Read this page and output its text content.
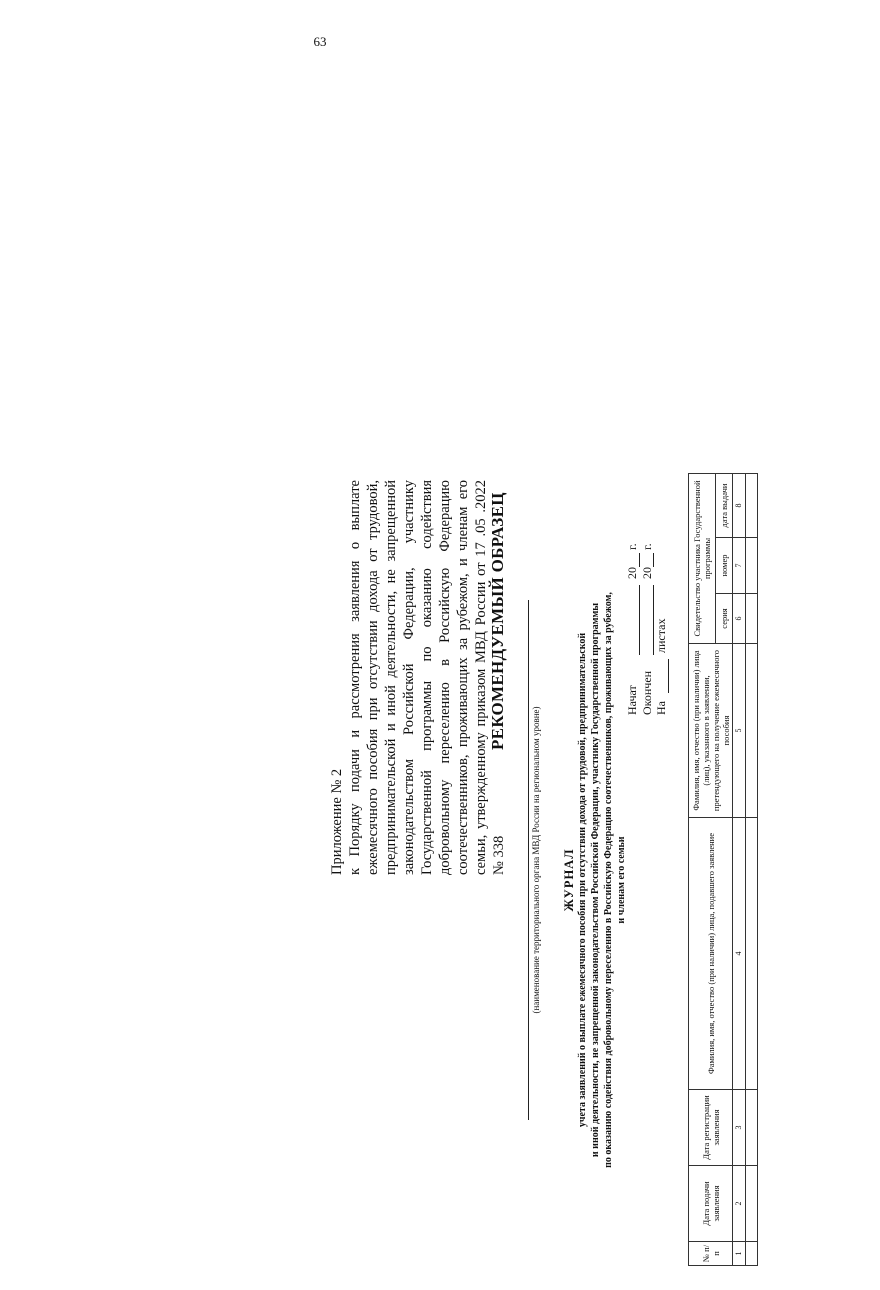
63
Приложение № 2 к Порядку подачи и рассмотрения заявления о выплате ежемесячного пособия при отсутствии дохода от трудовой, предпринимательской и иной деятельности, не запрещенной законодательством Российской Федерации, участнику Государственной программы по оказанию содействия добровольному переселению в Российскую Федерацию соотечественников, проживающих за рубежом, и членам его семьи, утвержденному приказом МВД России от 17 .05 .2022 № 338
РЕКОМЕНДУЕМЫЙ ОБРАЗЕЦ
(наименование территориального органа МВД России на региональном уровне) ЖУРНАЛ учета заявлений о выплате ежемесячного пособия при отсутствии дохода от трудовой, предпринимательской и иной деятельности, не запрещенной законодательством Российской Федерации, участнику Государственной программы по оказанию содействия добровольному переселению в Российскую Федерацию соотечественников, проживающих за рубежом, и членам его семьи
Начат
20
г.
Окончен
20
г.
На
листах
№ п/п	Дата подачи заявления	Дата регистрации заявления	Фамилия, имя, отчество (при наличии) лица, подавшего заявление	Фамилия, имя, отчество (при наличии) лица (лиц), указанного в заявлении, претендующего на получение ежемесячного пособия	Свидетельство участника Государственной программы		
					серия	номер	дата выдачи
1	2	3	4	5	6	7	8
